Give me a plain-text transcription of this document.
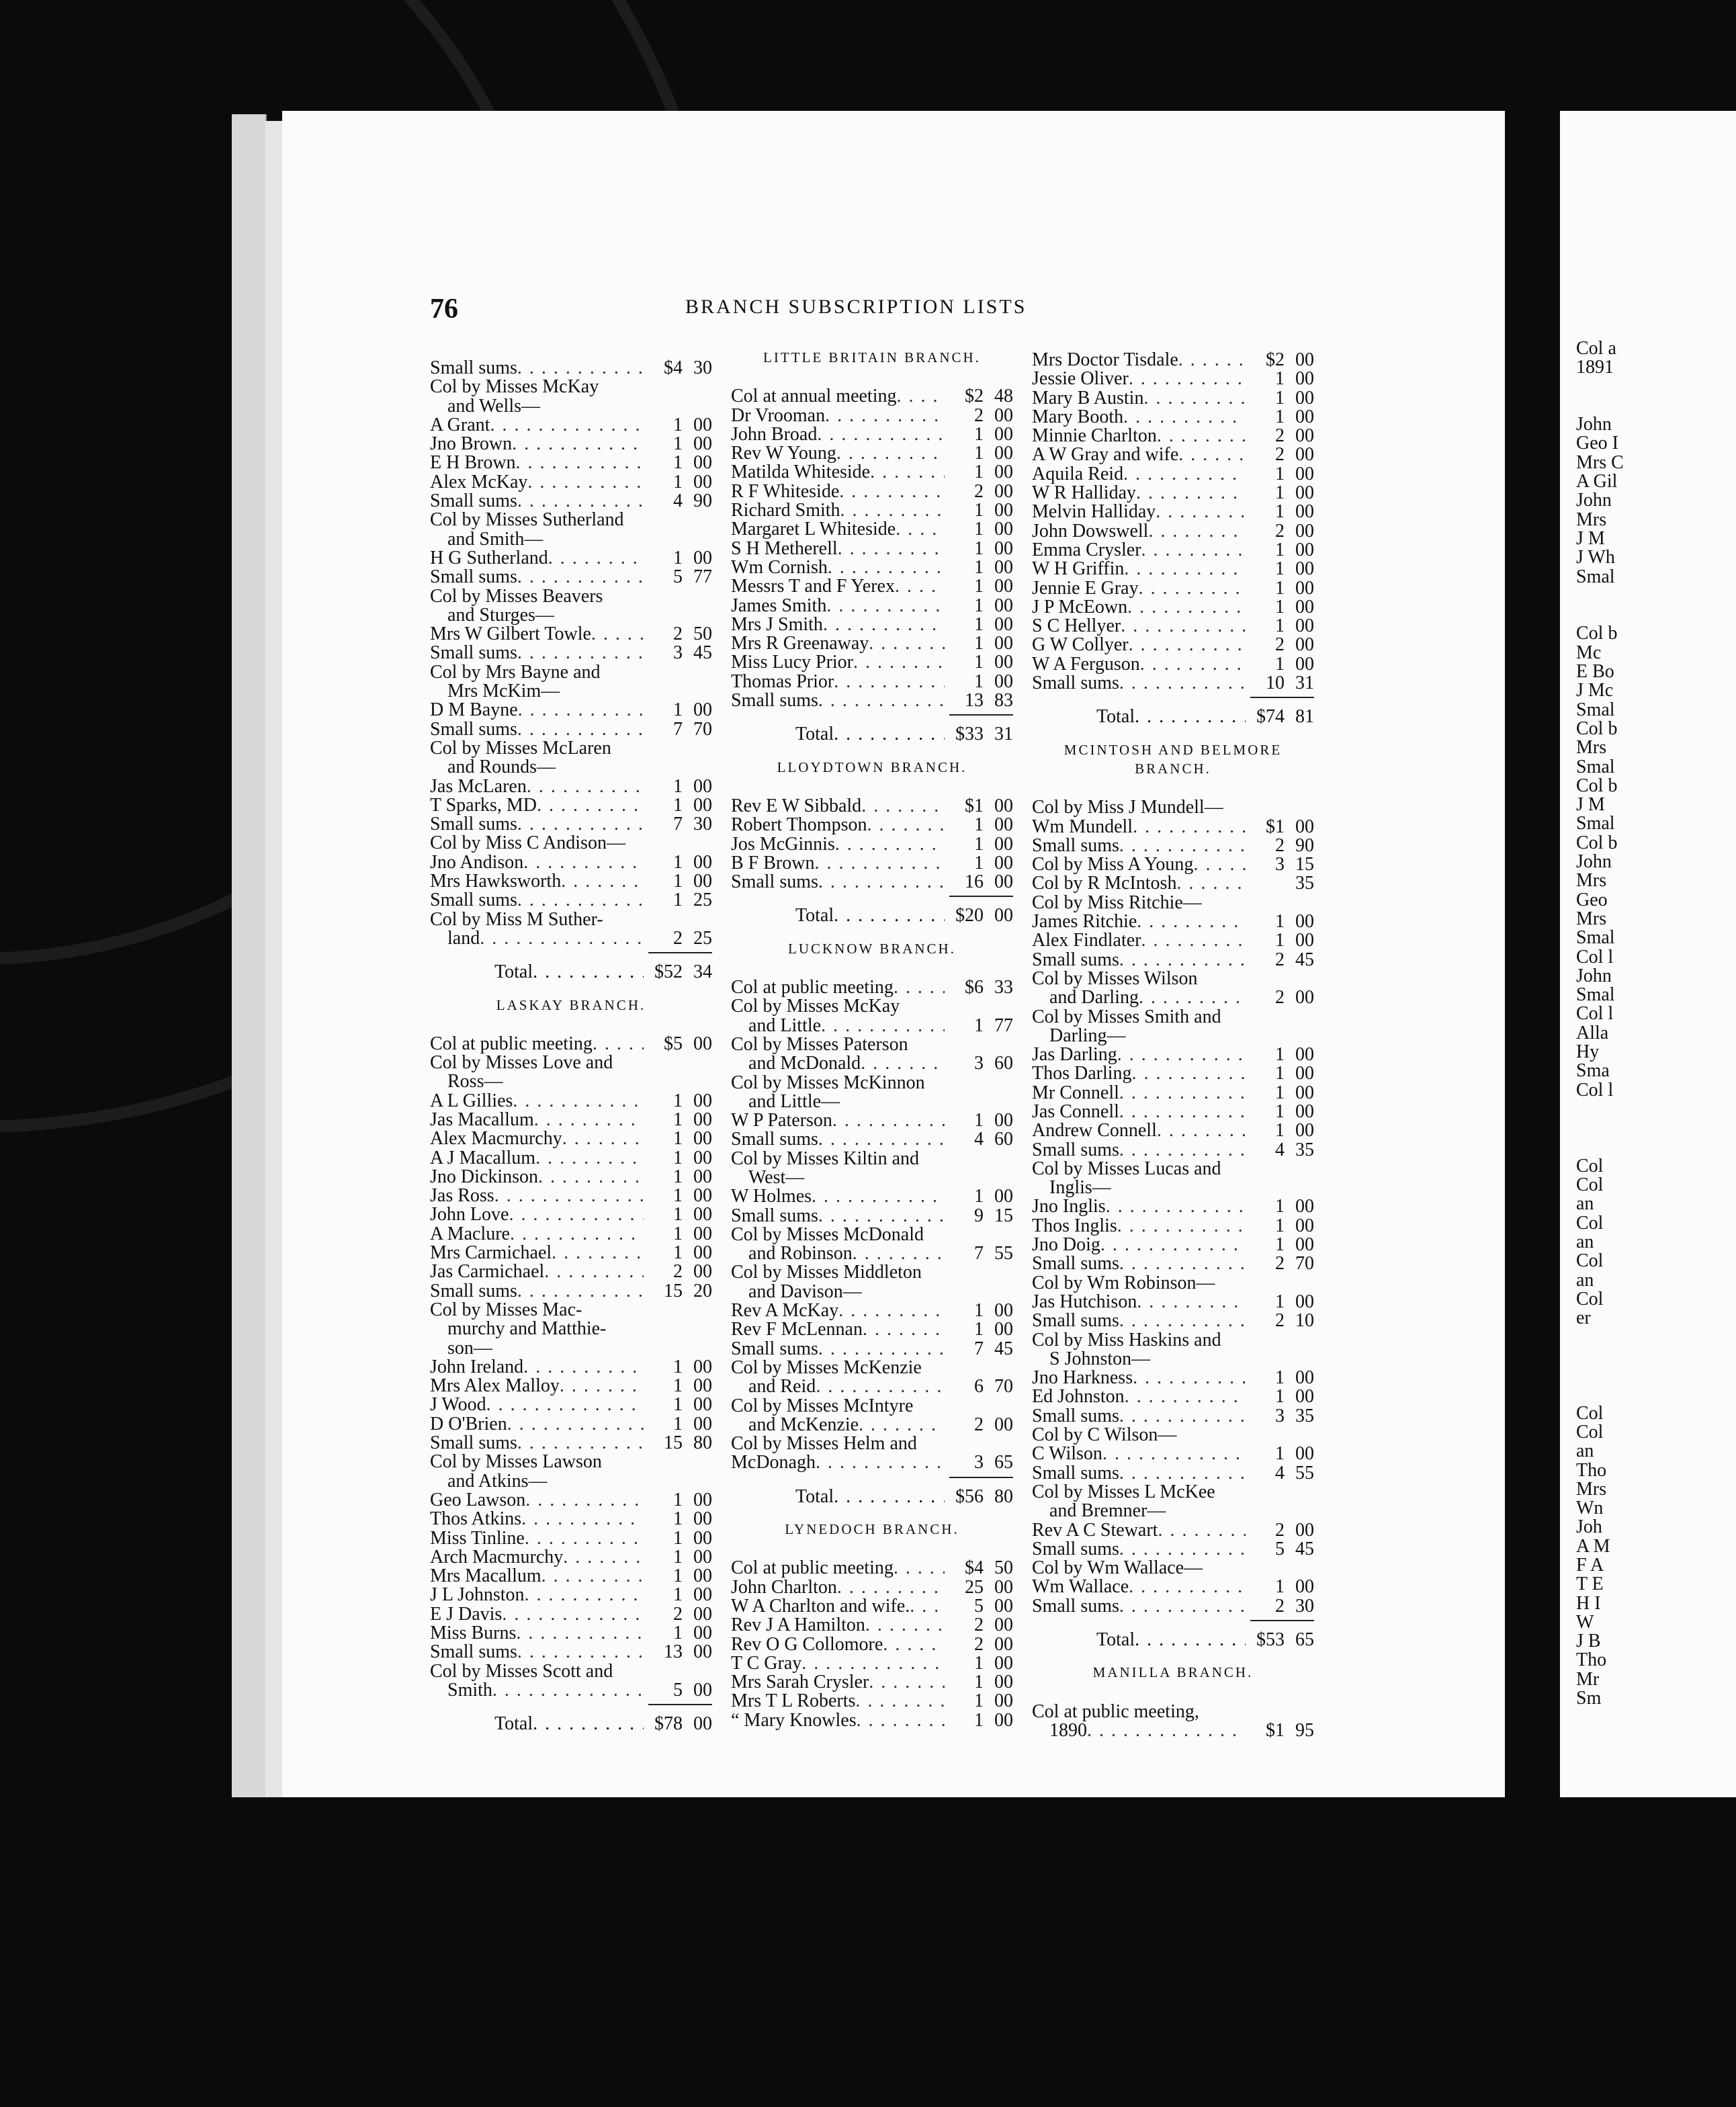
Col a
1891
John
Geo I
Mrs C
A Gil
John
Mrs
J M
J Wh
Smal
Col b
Mc
E Bo
J Mc
Smal
Col b
Mrs
Smal
Col b
J M
Smal
Col b
John
Mrs
Geo
Mrs
Smal
Col l
John
Smal
Col l
Alla
Hy
Sma
Col l
Col
Col
an
Col
an
Col
an
Col
er
Col
Col
an
Tho
Mrs
Wn
Joh
A M
F A
T E
H I
W
J B
Tho
Mr
Sm
76	BRANCH SUBSCRIPTION LISTS
Small sums . . .	$4 30
Col by Misses McKay
and Wells—
A Grant . . .	1 00
Jno Brown . . .	1 00
E H Brown . . .	1 00
Alex McKay . . .	1 00
Small sums . . .	4 90
Col by Misses Sutherland
and Smith—
H G Sutherland . . .	1 00
Small sums . . .	5 77
Col by Misses Beavers
and Sturges—
Mrs W Gilbert Towle . . .	2 50
Small sums . . .	3 45
Col by Mrs Bayne and
Mrs McKim—
D M Bayne . . .	1 00
Small sums . . .	7 70
Col by Misses McLaren
and Rounds—
Jas McLaren . . .	1 00
T Sparks, MD . . .	1 00
Small sums . . .	7 30
Col by Miss C Andison—
Jno Andison . . .	1 00
Mrs Hawksworth . . .	1 00
Small sums . . .	1 25
Col by Miss M Suther-
land . . .	2 25
Total . . .	$52 34
LASKAY BRANCH.
Col at public meeting . . .	$5 00
Col by Misses Love and
Ross—
A L Gillies . . .	1 00
Jas Macallum . . .	1 00
Alex Macmurchy . . .	1 00
A J Macallum . . .	1 00
Jno Dickinson . . .	1 00
Jas Ross . . .	1 00
John Love . . .	1 00
A Maclure . . .	1 00
Mrs Carmichael . . .	1 00
Jas Carmichael . . .	2 00
Small sums . . .	15 20
Col by Misses Mac-
murchy and Matthie-
son—
John Ireland . . .	1 00
Mrs Alex Malloy . . .	1 00
J Wood . . .	1 00
D O'Brien . . .	1 00
Small sums . . .	15 80
Col by Misses Lawson
and Atkins—
Geo Lawson . . .	1 00
Thos Atkins . . .	1 00
Miss Tinline . . .	1 00
Arch Macmurchy . . .	1 00
Mrs Macallum . . .	1 00
J L Johnston . . .	1 00
E J Davis . . .	2 00
Miss Burns . . .	1 00
Small sums . . .	13 00
Col by Misses Scott and
Smith . . .	5 00
Total . . .	$78 00
LITTLE BRITAIN BRANCH.
Col at annual meeting . . .	$2 48
Dr Vrooman . . .	2 00
John Broad . . .	1 00
Rev W Young . . .	1 00
Matilda Whiteside . . .	1 00
R F Whiteside . . .	2 00
Richard Smith . . .	1 00
Margaret L Whiteside . . .	1 00
S H Metherell . . .	1 00
Wm Cornish . . .	1 00
Messrs T and F Yerex . . .	1 00
James Smith . . .	1 00
Mrs J Smith . . .	1 00
Mrs R Greenaway . . .	1 00
Miss Lucy Prior . . .	1 00
Thomas Prior . . .	1 00
Small sums . . .	13 83
Total . . .	$33 31
LLOYDTOWN BRANCH.
Rev E W Sibbald . . .	$1 00
Robert Thompson . . .	1 00
Jos McGinnis . . .	1 00
B F Brown . . .	1 00
Small sums . . .	16 00
Total . . .	$20 00
LUCKNOW BRANCH.
Col at public meeting . . .	$6 33
Col by Misses McKay
and Little . . .	1 77
Col by Misses Paterson
and McDonald . . .	3 60
Col by Misses McKinnon
and Little—
W P Paterson . . .	1 00
Small sums . . .	4 60
Col by Misses Kiltin and
West—
W Holmes . . .	1 00
Small sums . . .	9 15
Col by Misses McDonald
and Robinson . . .	7 55
Col by Misses Middleton
and Davison—
Rev A McKay . . .	1 00
Rev F McLennan . . .	1 00
Small sums . . .	7 45
Col by Misses McKenzie
and Reid . . .	6 70
Col by Misses McIntyre
and McKenzie . . .	2 00
Col by Misses Helm and
McDonagh . . .	3 65
Total . . .	$56 80
LYNEDOCH BRANCH.
Col at public meeting . . .	$4 50
John Charlton . . .	25 00
W A Charlton and wife. . . .	5 00
Rev J A Hamilton . . .	2 00
Rev O G Collomore . . .	2 00
T C Gray . . .	1 00
Mrs Sarah Crysler . . .	1 00
Mrs T L Roberts . . .	1 00
“ Mary Knowles . . .	1 00
Mrs Doctor Tisdale . . .	$2 00
Jessie Oliver . . .	1 00
Mary B Austin . . .	1 00
Mary Booth . . .	1 00
Minnie Charlton . . .	2 00
A W Gray and wife . . .	2 00
Aquila Reid . . .	1 00
W R Halliday . . .	1 00
Melvin Halliday . . .	1 00
John Dowswell . . .	2 00
Emma Crysler . . .	1 00
W H Griffin . . .	1 00
Jennie E Gray . . .	1 00
J P McEown . . .	1 00
S C Hellyer . . .	1 00
G W Collyer . . .	2 00
W A Ferguson . . .	1 00
Small sums . . .	10 31
Total . . .	$74 81
MCINTOSH AND BELMORE
BRANCH.
Col by Miss J Mundell—
Wm Mundell . . .	$1 00
Small sums . . .	2 90
Col by Miss A Young . . .	3 15
Col by R McIntosh . . .	35
Col by Miss Ritchie—
James Ritchie . . .	1 00
Alex Findlater . . .	1 00
Small sums . . .	2 45
Col by Misses Wilson
and Darling . . .	2 00
Col by Misses Smith and
Darling—
Jas Darling . . .	1 00
Thos Darling . . .	1 00
Mr Connell . . .	1 00
Jas Connell . . .	1 00
Andrew Connell . . .	1 00
Small sums . . .	4 35
Col by Misses Lucas and
Inglis—
Jno Inglis . . .	1 00
Thos Inglis . . .	1 00
Jno Doig . . .	1 00
Small sums . . .	2 70
Col by Wm Robinson—
Jas Hutchison . . .	1 00
Small sums . . .	2 10
Col by Miss Haskins and
S Johnston—
Jno Harkness . . .	1 00
Ed Johnston . . .	1 00
Small sums . . .	3 35
Col by C Wilson—
C Wilson . . .	1 00
Small sums . . .	4 55
Col by Misses L McKee
and Bremner—
Rev A C Stewart . . .	2 00
Small sums . . .	5 45
Col by Wm Wallace—
Wm Wallace . . .	1 00
Small sums . . .	2 30
Total . . .	$53 65
MANILLA BRANCH.
Col at public meeting,
1890 . . .	$1 95
